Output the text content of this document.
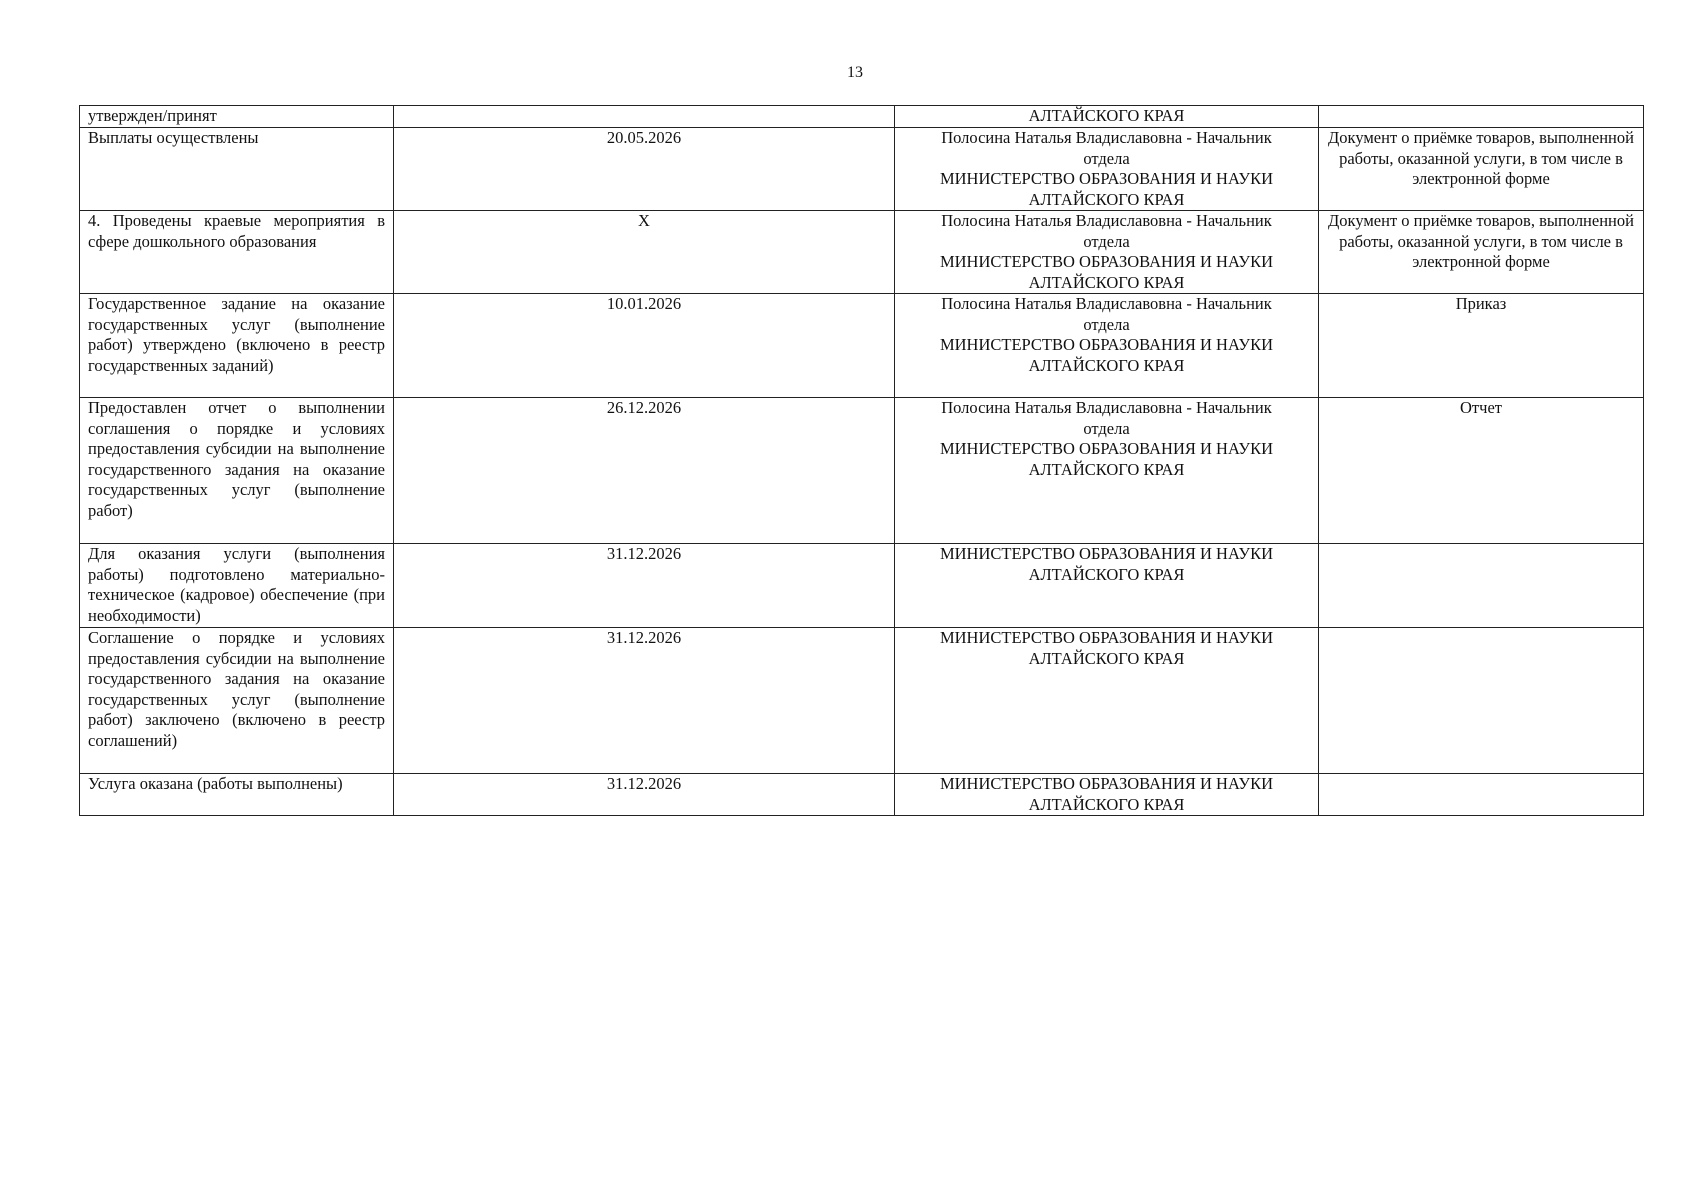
13
утвержден/принят		АЛТАЙСКОГО КРАЯ	

Выплаты осуществлены	20.05.2026	Полосина Наталья Владиславовна - Начальник
отдела
МИНИСТЕРСТВО ОБРАЗОВАНИЯ И НАУКИ
АЛТАЙСКОГО КРАЯ	Документ о приёмке товаров, выполненной работы, оказанной услуги, в том числе в электронной форме
4. Проведены краевые мероприятия в сфере дошкольного образования	X	Полосина Наталья Владиславовна - Начальник
отдела
МИНИСТЕРСТВО ОБРАЗОВАНИЯ И НАУКИ
АЛТАЙСКОГО КРАЯ	Документ о приёмке товаров, выполненной работы, оказанной услуги, в том числе в электронной форме
Государственное задание на оказание государственных услуг (выполнение работ) утверждено (включено в реестр государственных заданий)	10.01.2026	Полосина Наталья Владиславовна - Начальник
отдела
МИНИСТЕРСТВО ОБРАЗОВАНИЯ И НАУКИ
АЛТАЙСКОГО КРАЯ	Приказ
Предоставлен отчет о выполнении соглашения о порядке и условиях предоставления субсидии на выполнение государственного задания на оказание государственных услуг (выполнение работ)	26.12.2026	Полосина Наталья Владиславовна - Начальник
отдела
МИНИСТЕРСТВО ОБРАЗОВАНИЯ И НАУКИ
АЛТАЙСКОГО КРАЯ	Отчет
Для оказания услуги (выполнения работы) подготовлено материально-техническое (кадровое) обеспечение (при необходимости)	31.12.2026	МИНИСТЕРСТВО ОБРАЗОВАНИЯ И НАУКИ
АЛТАЙСКОГО КРАЯ	

Соглашение о порядке и условиях предоставления субсидии на выполнение государственного задания на оказание государственных услуг (выполнение работ) заключено (включено в реестр соглашений)	31.12.2026	МИНИСТЕРСТВО ОБРАЗОВАНИЯ И НАУКИ
АЛТАЙСКОГО КРАЯ	

Услуга оказана (работы выполнены)	31.12.2026	МИНИСТЕРСТВО ОБРАЗОВАНИЯ И НАУКИ
АЛТАЙСКОГО КРАЯ	
